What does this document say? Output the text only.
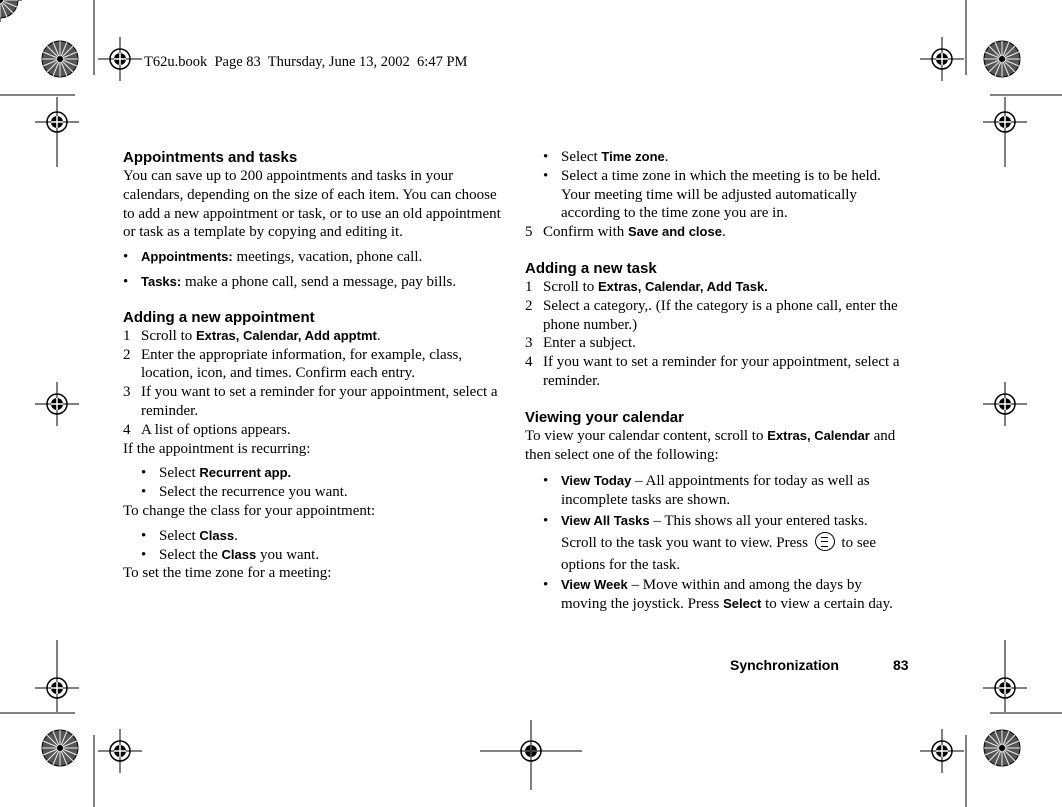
T62u.book  Page 83  Thursday, June 13, 2002  6:47 PM
Appointments and tasks

You can save up to 200 appointments and tasks in your calendars, depending on the size of each item. You can choose to add a new appointment or task, or to use an old appointment or task as a template by copying and editing it.

• Appointments: meetings, vacation, phone call.
• Tasks: make a phone call, send a message, pay bills.
Adding a new appointment
1 Scroll to Extras, Calendar, Add apptmt.
2 Enter the appropriate information, for example, class, location, icon, and times. Confirm each entry.
3 If you want to set a reminder for your appointment, select a reminder.
4 A list of options appears.

If the appointment is recurring:

• Select Recurrent app.
• Select the recurrence you want.

To change the class for your appointment:

• Select Class.
• Select the Class you want.

To set the time zone for a meeting:

• Select Time zone.
• Select a time zone in which the meeting is to be held. Your meeting time will be adjusted automatically according to the time zone you are in.
5 Confirm with Save and close.
Adding a new task
1 Scroll to Extras, Calendar, Add Task.
2 Select a category,. (If the category is a phone call, enter the phone number.)
3 Enter a subject.
4 If you want to set a reminder for your appointment, select a reminder.
Viewing your calendar

To view your calendar content, scroll to Extras, Calendar and then select one of the following:

• View Today – All appointments for today as well as incomplete tasks are shown.
• View All Tasks – This shows all your entered tasks.
Scroll to the task you want to view. Press
to see options for the task.
• View Week – Move within and among the days by moving the joystick. Press Select to view a certain day.
Synchronization	83
